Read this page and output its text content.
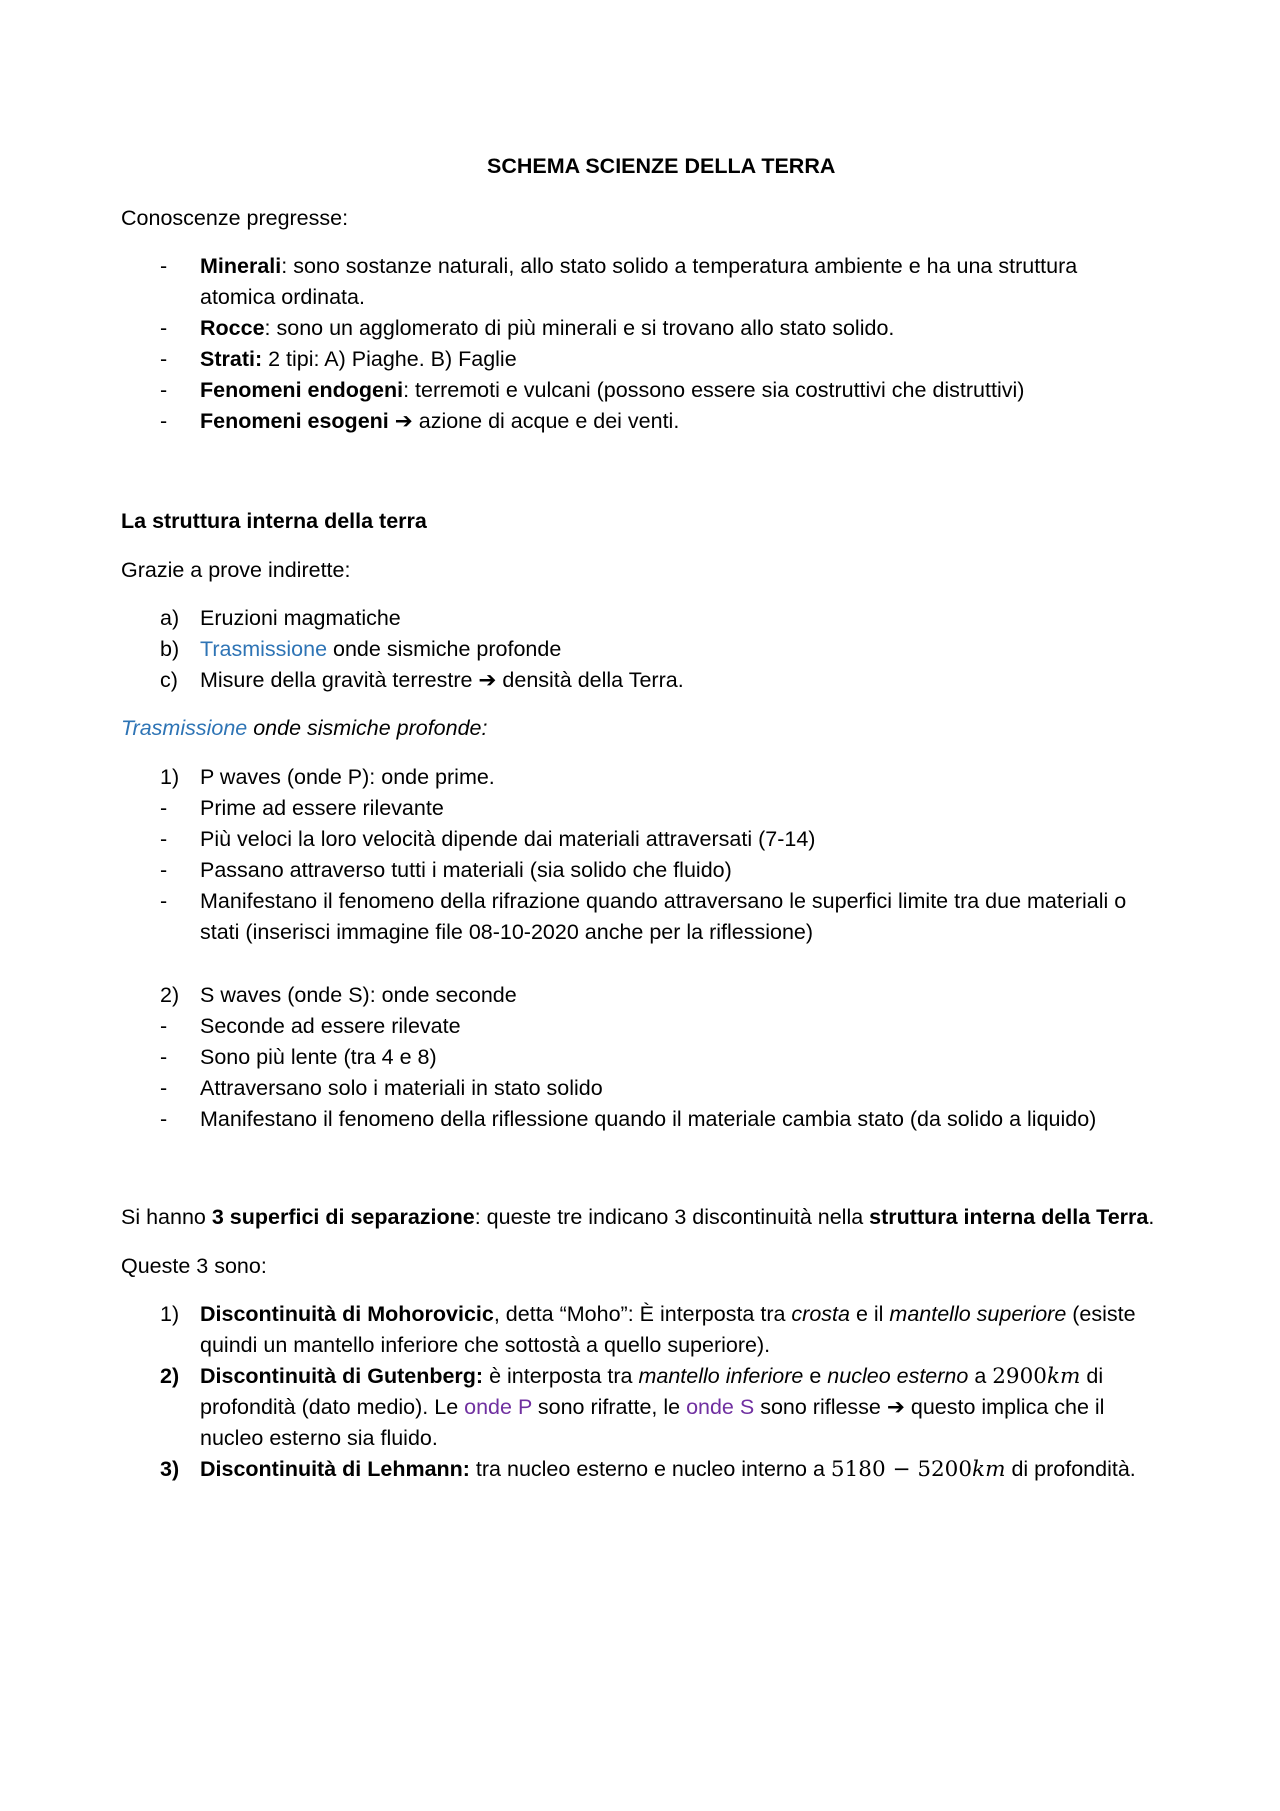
SCHEMA SCIENZE DELLA TERRA
Conoscenze pregresse:
- Minerali: sono sostanze naturali, allo stato solido a temperatura ambiente e ha una struttura
atomica ordinata.
- Rocce: sono un agglomerato di più minerali e si trovano allo stato solido.
- Strati: 2 tipi: A) Piaghe. B) Faglie
- Fenomeni endogeni: terremoti e vulcani (possono essere sia costruttivi che distruttivi)
- Fenomeni esogeni ➔ azione di acque e dei venti.
La struttura interna della terra
Grazie a prove indirette:
a) Eruzioni magmatiche
b) Trasmissione onde sismiche profonde
c) Misure della gravità terrestre ➔ densità della Terra.
Trasmissione onde sismiche profonde:
1) P waves (onde P): onde prime.
- Prime ad essere rilevante
- Più veloci la loro velocità dipende dai materiali attraversati (7-14)
- Passano attraverso tutti i materiali (sia solido che fluido)
- Manifestano il fenomeno della rifrazione quando attraversano le superfici limite tra due materiali o
stati (inserisci immagine file 08-10-2020 anche per la riflessione)
2) S waves (onde S): onde seconde
- Seconde ad essere rilevate
- Sono più lente (tra 4 e 8)
- Attraversano solo i materiali in stato solido
- Manifestano il fenomeno della riflessione quando il materiale cambia stato (da solido a liquido)
Si hanno 3 superfici di separazione: queste tre indicano 3 discontinuità nella struttura interna della Terra.
Queste 3 sono:
1) Discontinuità di Mohorovicic, detta “Moho”: È interposta tra crosta e il mantello superiore (esiste
quindi un mantello inferiore che sottostà a quello superiore).
2) Discontinuità di Gutenberg: è interposta tra mantello inferiore e nucleo esterno a 2900km di
profondità (dato medio). Le onde P sono rifratte, le onde S sono riflesse ➔ questo implica che il
nucleo esterno sia fluido.
3) Discontinuità di Lehmann: tra nucleo esterno e nucleo interno a 5180 − 5200km di profondità.
